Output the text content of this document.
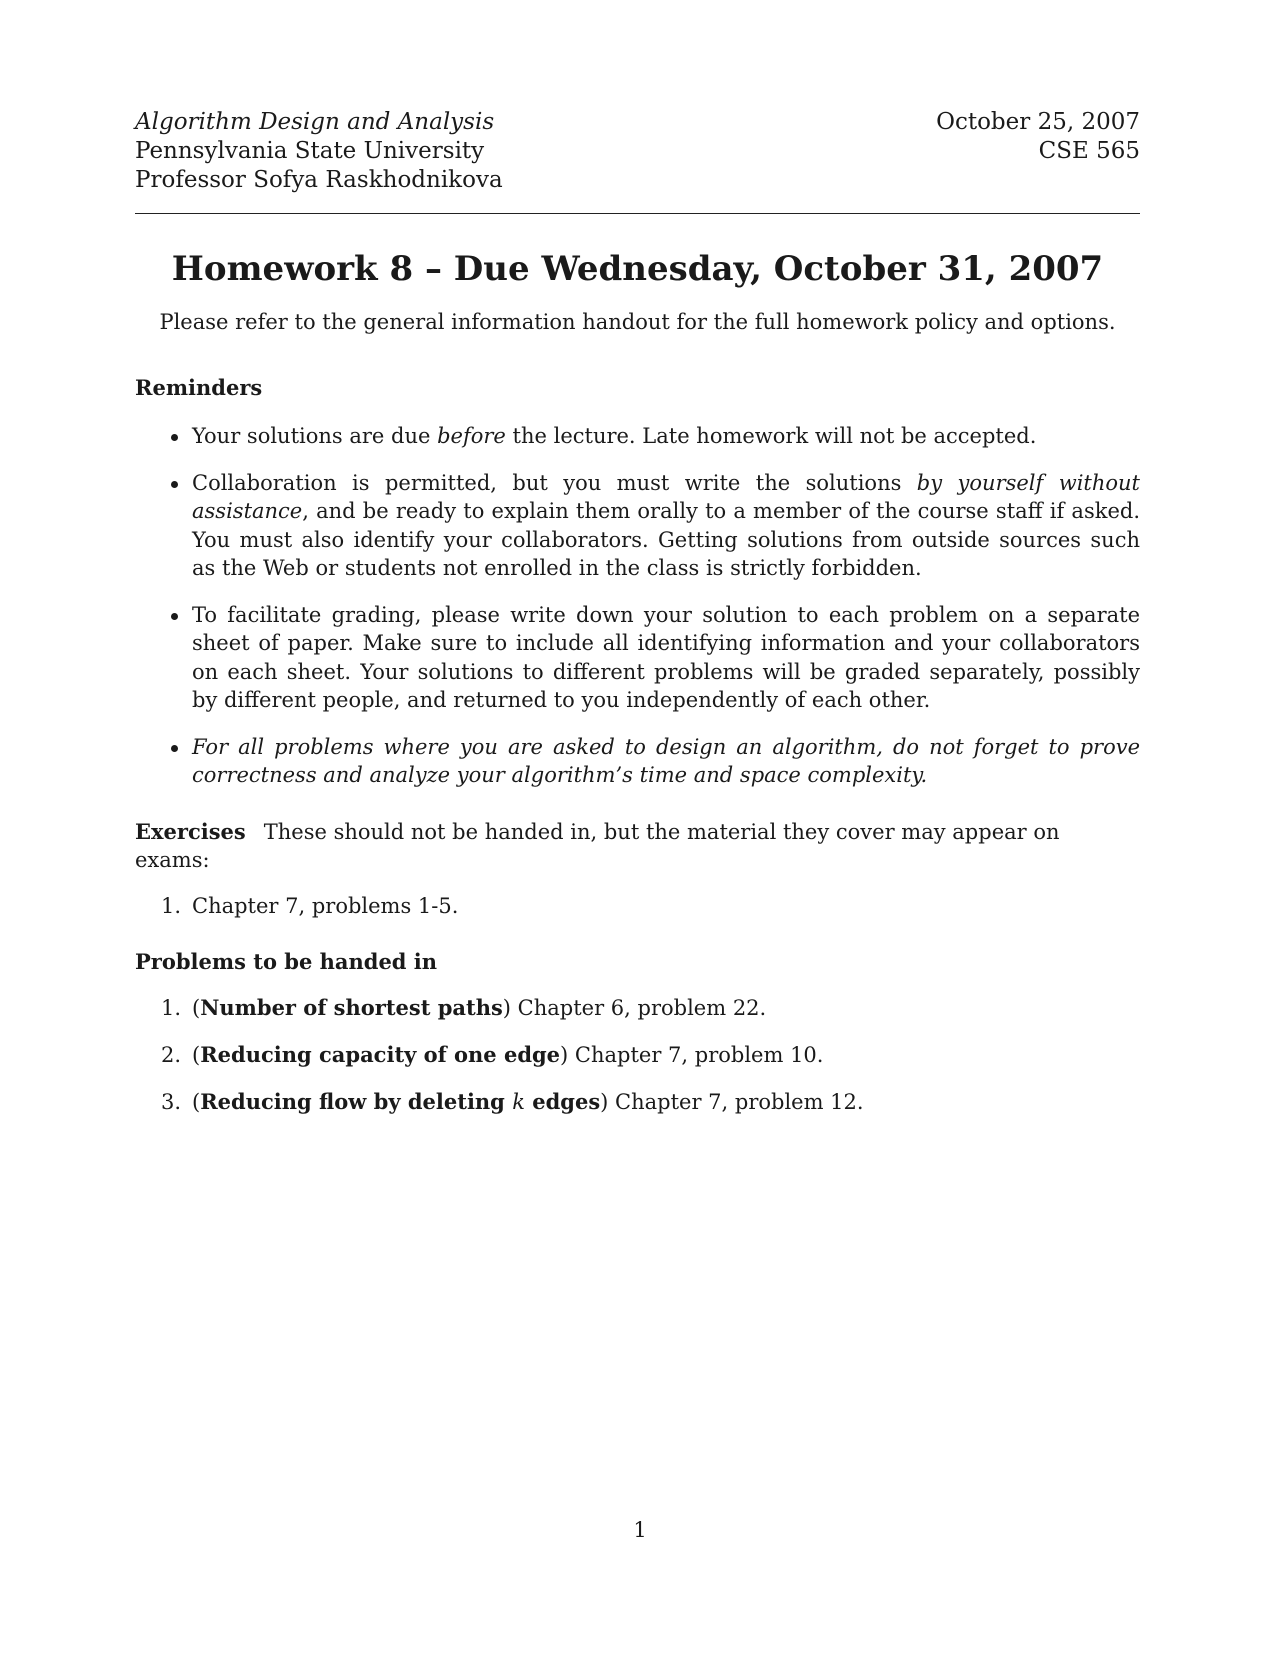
Algorithm Design and Analysis
Pennsylvania State University
Professor Sofya Raskhodnikova
October 25, 2007
CSE 565
Homework 8 – Due Wednesday, October 31, 2007
Please refer to the general information handout for the full homework policy and options.
Reminders
Your solutions are due before the lecture. Late homework will not be accepted.
Collaboration is permitted, but you must write the solutions by yourself without assistance, and be ready to explain them orally to a member of the course staff if asked. You must also identify your collaborators. Getting solutions from outside sources such as the Web or students not enrolled in the class is strictly forbidden.
To facilitate grading, please write down your solution to each problem on a separate sheet of paper. Make sure to include all identifying information and your collaborators on each sheet. Your solutions to different problems will be graded separately, possibly by different people, and returned to you independently of each other.
For all problems where you are asked to design an algorithm, do not forget to prove correctness and analyze your algorithm’s time and space complexity.
Exercises These should not be handed in, but the material they cover may appear on exams:
1. Chapter 7, problems 1-5.
Problems to be handed in
1. (Number of shortest paths) Chapter 6, problem 22.
2. (Reducing capacity of one edge) Chapter 7, problem 10.
3. (Reducing flow by deleting k edges) Chapter 7, problem 12.
1
